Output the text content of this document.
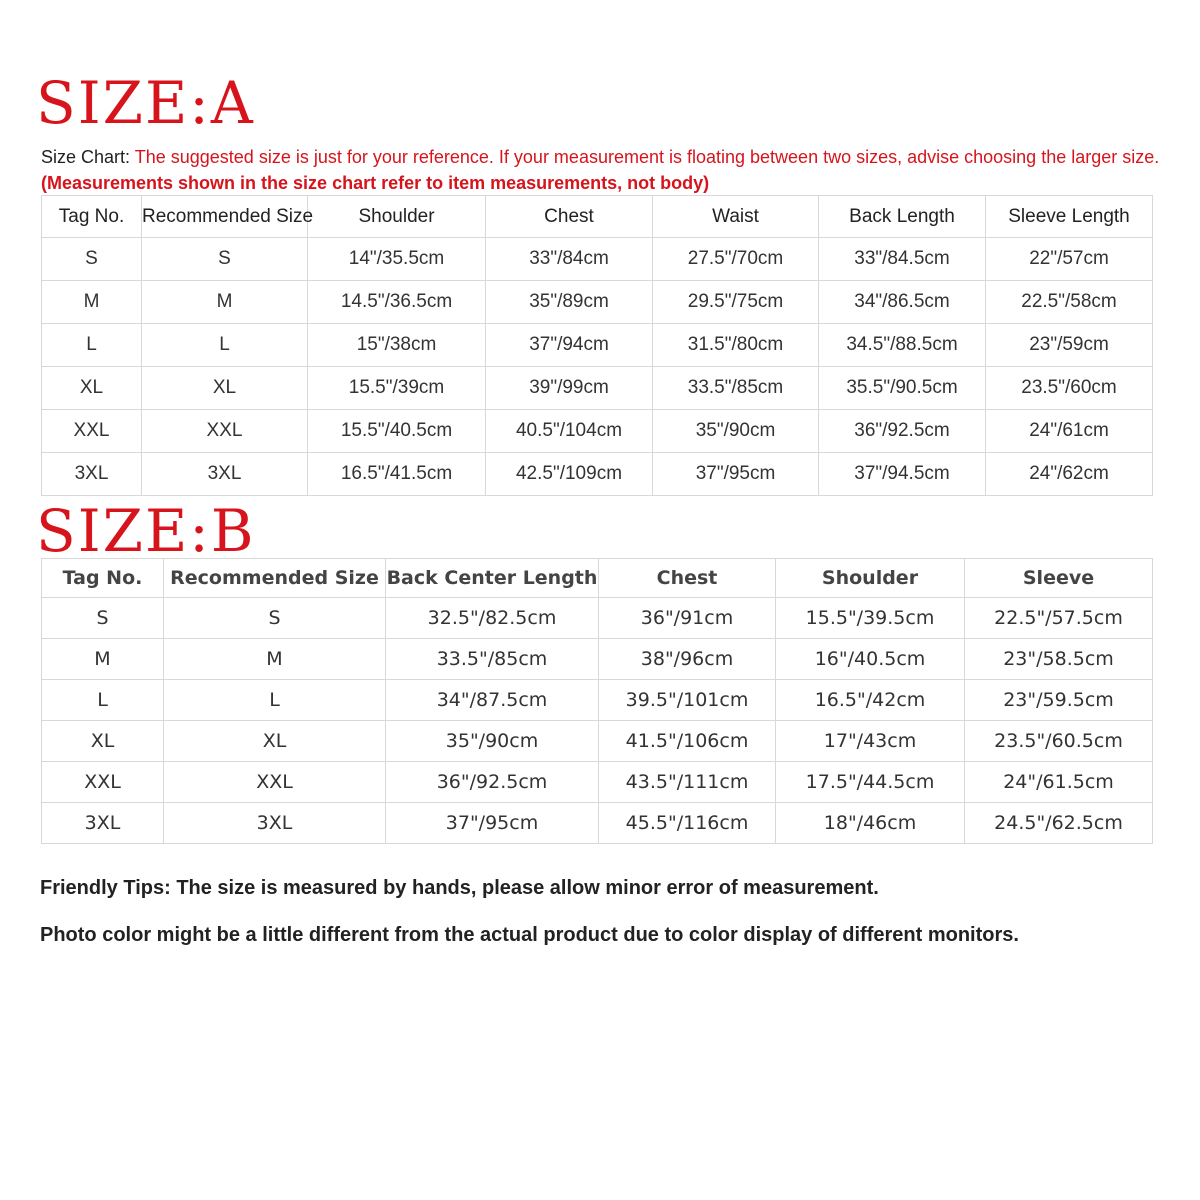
SIZE:A
Size Chart: The suggested size is just for your reference. If your measurement is floating between two sizes, advise choosing the larger size.
(Measurements shown in the size chart refer to item measurements, not body)
Tag No.	Recommended Size	Shoulder	Chest	Waist	Back Length	Sleeve Length
S	S	14"/35.5cm	33"/84cm	27.5"/70cm	33"/84.5cm	22"/57cm
M	M	14.5"/36.5cm	35"/89cm	29.5"/75cm	34"/86.5cm	22.5"/58cm
L	L	15"/38cm	37"/94cm	31.5"/80cm	34.5"/88.5cm	23"/59cm
XL	XL	15.5"/39cm	39"/99cm	33.5"/85cm	35.5"/90.5cm	23.5"/60cm
XXL	XXL	15.5"/40.5cm	40.5"/104cm	35"/90cm	36"/92.5cm	24"/61cm
3XL	3XL	16.5"/41.5cm	42.5"/109cm	37"/95cm	37"/94.5cm	24"/62cm
SIZE:B
Tag No.	Recommended Size	Back Center Length	Chest	Shoulder	Sleeve
S	S	32.5"/82.5cm	36"/91cm	15.5"/39.5cm	22.5"/57.5cm
M	M	33.5"/85cm	38"/96cm	16"/40.5cm	23"/58.5cm
L	L	34"/87.5cm	39.5"/101cm	16.5"/42cm	23"/59.5cm
XL	XL	35"/90cm	41.5"/106cm	17"/43cm	23.5"/60.5cm
XXL	XXL	36"/92.5cm	43.5"/111cm	17.5"/44.5cm	24"/61.5cm
3XL	3XL	37"/95cm	45.5"/116cm	18"/46cm	24.5"/62.5cm
Friendly Tips: The size is measured by hands, please allow minor error of measurement.
Photo color might be a little different from the actual product due to color display of different monitors.
